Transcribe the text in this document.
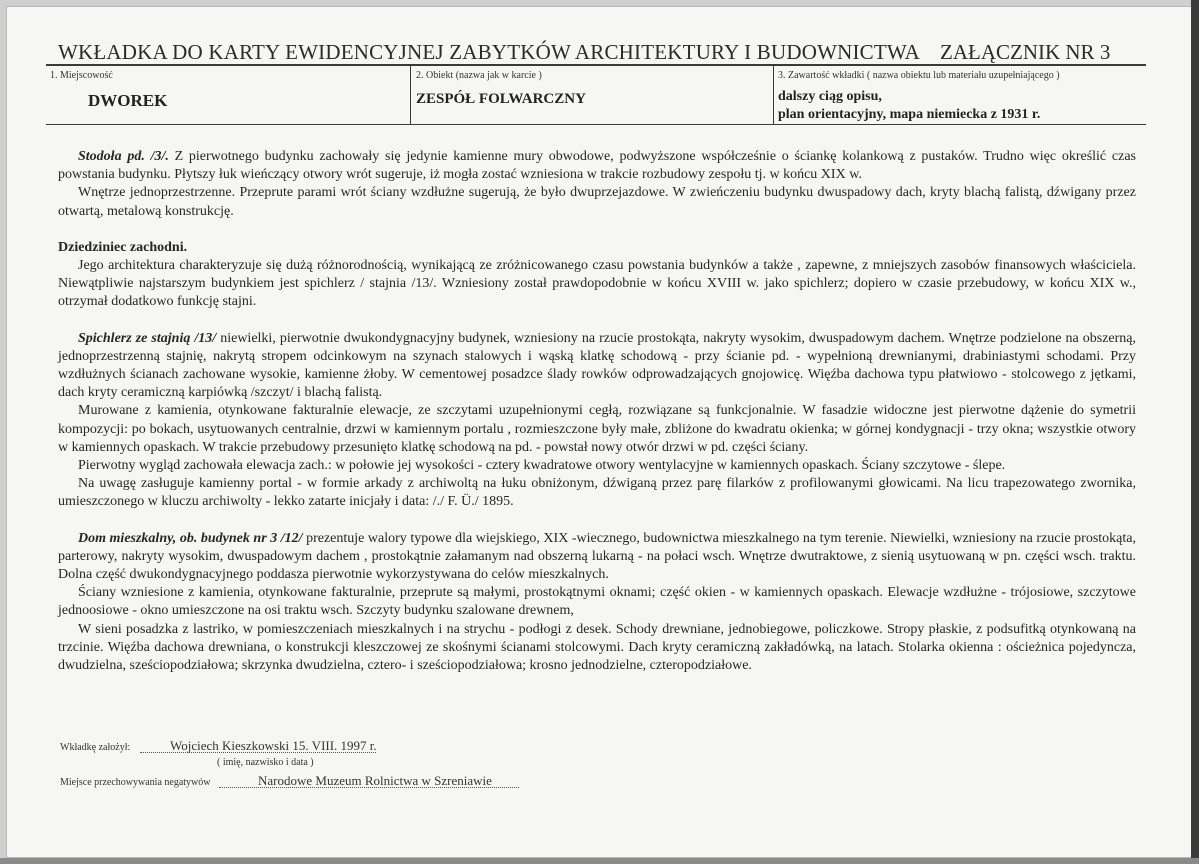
WKŁADKA DO KARTY EWIDENCYJNEJ ZABYTKÓW ARCHITEKTURY I BUDOWNICTWA ZAŁĄCZNIK NR 3
1. Miejscowość
DWOREK
2. Obiekt (nazwa jak w karcie )
ZESPÓŁ FOLWARCZNY
3. Zawartość wkładki ( nazwa obiektu lub materiału uzupełniającego )
dalszy ciąg opisu,
plan orientacyjny, mapa niemiecka z 1931 r.

Stodoła pd. /3/. Z pierwotnego budynku zachowały się jedynie kamienne mury obwodowe, podwyższone współcześnie o ściankę kolankową z pustaków. Trudno więc określić czas powstania budynku. Płytszy łuk wieńczący otwory wrót sugeruje, iż mogła zostać wzniesiona w trakcie rozbudowy zespołu tj. w końcu XIX w.

Wnętrze jednoprzestrzenne. Przeprute parami wrót ściany wzdłużne sugerują, że było dwuprzejazdowe. W zwieńczeniu budynku dwuspadowy dach, kryty blachą falistą, dźwigany przez otwartą, metalową konstrukcję.

Dziedziniec zachodni.

Jego architektura charakteryzuje się dużą różnorodnością, wynikającą ze zróżnicowanego czasu powstania budynków a także , zapewne, z mniejszych zasobów finansowych właściciela. Niewątpliwie najstarszym budynkiem jest spichlerz / stajnia /13/. Wzniesiony został prawdopodobnie w końcu XVIII w. jako spichlerz; dopiero w czasie przebudowy, w końcu XIX w., otrzymał dodatkowo funkcję stajni.

Spichlerz ze stajnią /13/ niewielki, pierwotnie dwukondygnacyjny budynek, wzniesiony na rzucie prostokąta, nakryty wysokim, dwuspadowym dachem. Wnętrze podzielone na obszerną, jednoprzestrzenną stajnię, nakrytą stropem odcinkowym na szynach stalowych i wąską klatkę schodową - przy ścianie pd. - wypełnioną drewnianymi, drabiniastymi schodami. Przy wzdłużnych ścianach zachowane wysokie, kamienne żłoby. W cementowej posadzce ślady rowków odprowadzających gnojowicę. Więźba dachowa typu płatwiowo - stolcowego z jętkami, dach kryty ceramiczną karpiówką /szczyt/ i blachą falistą.

Murowane z kamienia, otynkowane fakturalnie elewacje, ze szczytami uzupełnionymi cegłą, rozwiązane są funkcjonalnie. W fasadzie widoczne jest pierwotne dążenie do symetrii kompozycji: po bokach, usytuowanych centralnie, drzwi w kamiennym portalu , rozmieszczone były małe, zbliżone do kwadratu okienka; w górnej kondygnacji - trzy okna; wszystkie otwory w kamiennych opaskach. W trakcie przebudowy przesunięto klatkę schodową na pd. - powstał nowy otwór drzwi w pd. części ściany.

Pierwotny wygląd zachowała elewacja zach.: w połowie jej wysokości - cztery kwadratowe otwory wentylacyjne w kamiennych opaskach. Ściany szczytowe - ślepe.

Na uwagę zasługuje kamienny portal - w formie arkady z archiwoltą na łuku obniżonym, dźwiganą przez parę filarków z profilowanymi głowicami. Na licu trapezowatego zwornika, umieszczonego w kluczu archiwolty - lekko zatarte inicjały i data: /./ F. Ü./ 1895.

Dom mieszkalny, ob. budynek nr 3 /12/ prezentuje walory typowe dla wiejskiego, XIX -wiecznego, budownictwa mieszkalnego na tym terenie. Niewielki, wzniesiony na rzucie prostokąta, parterowy, nakryty wysokim, dwuspadowym dachem , prostokątnie załamanym nad obszerną lukarną - na połaci wsch. Wnętrze dwutraktowe, z sienią usytuowaną w pn. części wsch. traktu. Dolna część dwukondygnacyjnego poddasza pierwotnie wykorzystywana do celów mieszkalnych.

Ściany wzniesione z kamienia, otynkowane fakturalnie, przeprute są małymi, prostokątnymi oknami; część okien - w kamiennych opaskach. Elewacje wzdłużne - trójosiowe, szczytowe jednoosiowe - okno umieszczone na osi traktu wsch. Szczyty budynku szalowane drewnem,

W sieni posadzka z lastriko, w pomieszczeniach mieszkalnych i na strychu - podłogi z desek. Schody drewniane, jednobiegowe, policzkowe. Stropy płaskie, z podsufitką otynkowaną na trzcinie. Więźba dachowa drewniana, o konstrukcji kleszczowej ze skośnymi ścianami stolcowymi. Dach kryty ceramiczną zakładówką, na latach. Stolarka okienna : ościeżnica pojedyncza, dwudzielna, sześciopodziałowa; skrzynka dwudzielna, cztero- i sześciopodziałowa; krosno jednodzielne, czteropodziałowe.

Wkładkę założył:	Wojciech Kieszkowski 15. VIII. 1997 r.
( imię, nazwisko i data )
Miejsce przechowywania negatywów	Narodowe Muzeum Rolnictwa w Szreniawie
